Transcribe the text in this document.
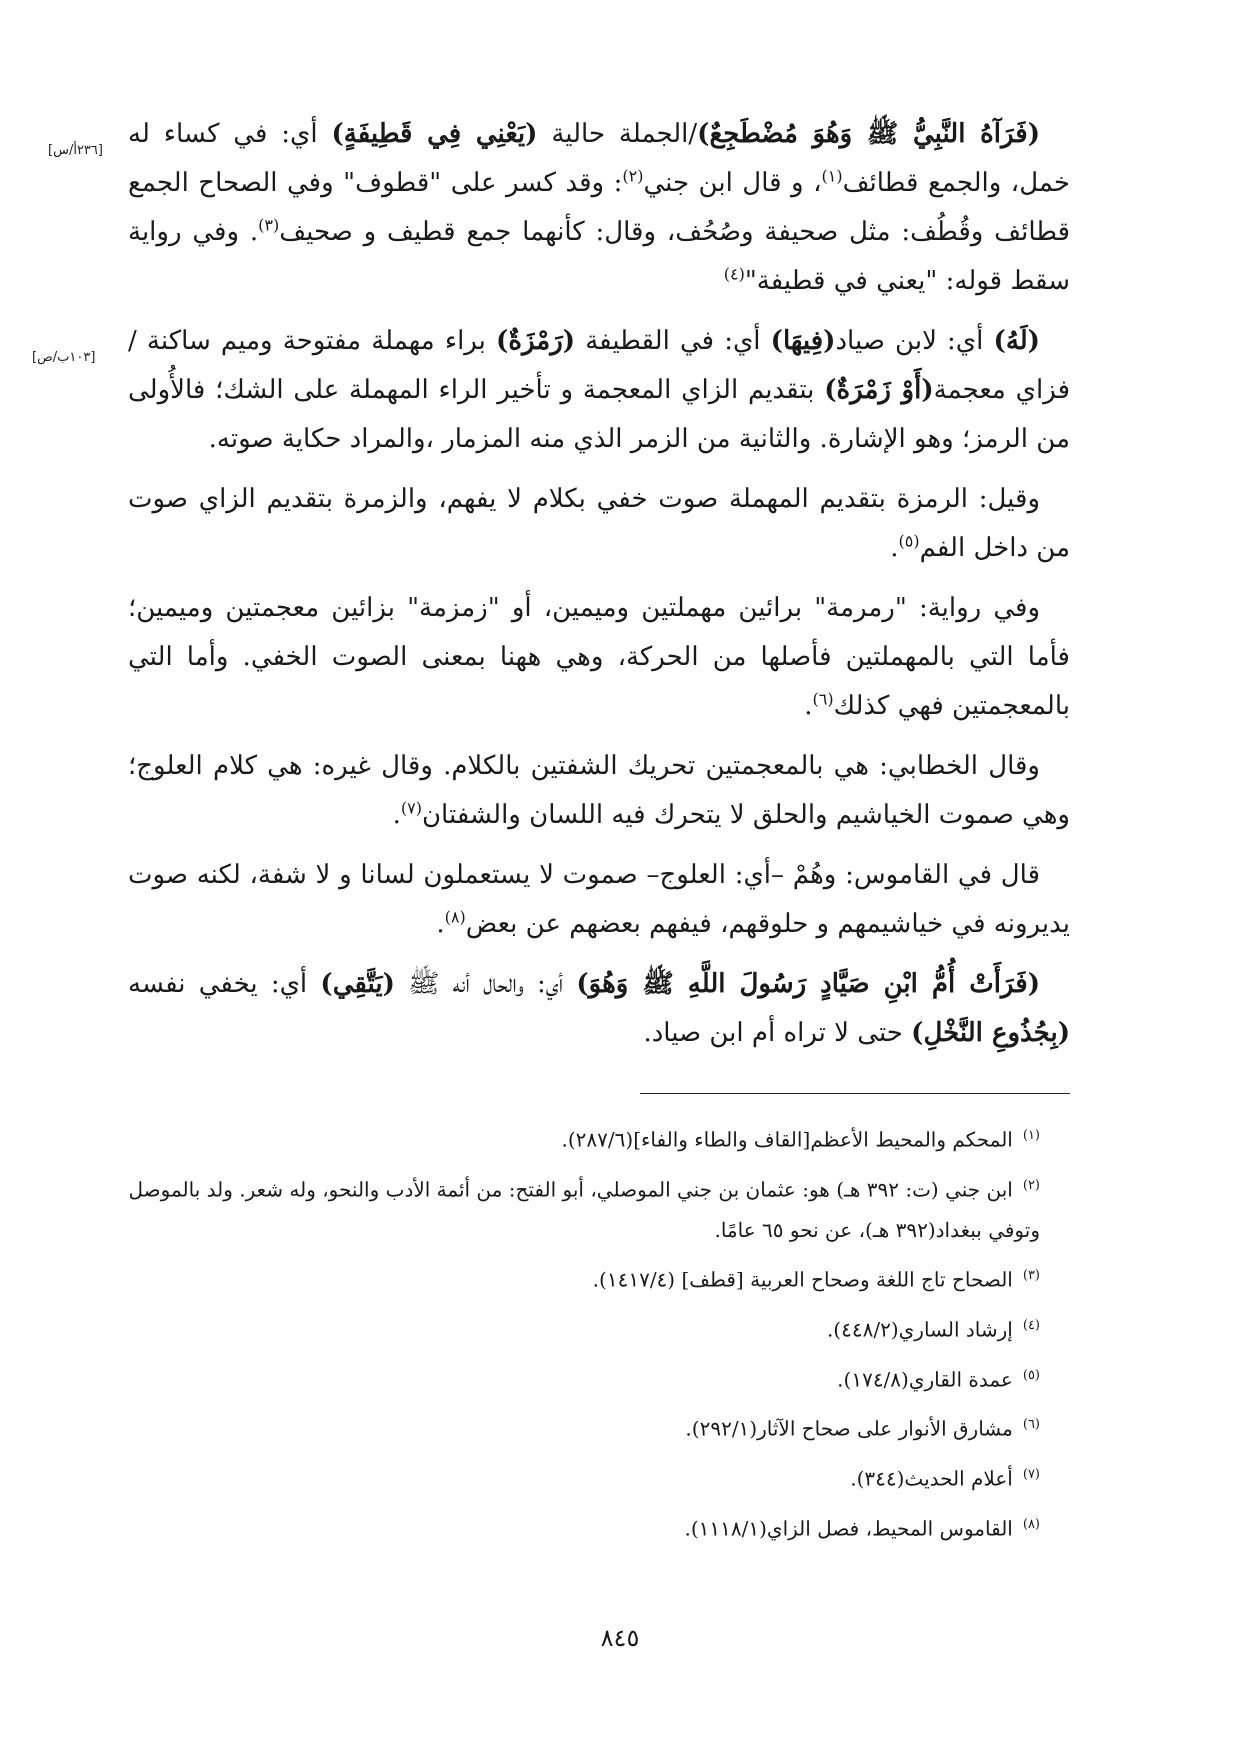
[٢٣٦أ/س]
[١٠٣ب/ص]

(فَرَآهُ النَّبِيُّ ﷺ وَهُوَ مُضْطَجِعٌ)/الجملة حالية (يَعْنِي فِي قَطِيفَةٍ) أي: في كساء له خمل، والجمع قطائف$^{(١)}$، و قال ابن جني$^{(٢)}$: وقد كسر على "قطوف" وفي الصحاح الجمع قطائف وقُطُف: مثل صحيفة وصُحُف، وقال: كأنهما جمع قطيف و صحيف$^{(٣)}$. وفي رواية سقط قوله: "يعني في قطيفة"$^{(٤)}$

(لَهُ) أي: لابن صياد(فِيهَا) أي: في القطيفة (رَمْزَةٌ) براء مهملة مفتوحة وميم ساكنة / فزاي معجمة(أَوْ زَمْرَةٌ) بتقديم الزاي المعجمة و تأخير الراء المهملة على الشك؛ فالأُولى من الرمز؛ وهو الإشارة. والثانية من الزمر الذي منه المزمار ،والمراد حكاية صوته.

وقيل: الرمزة بتقديم المهملة صوت خفي بكلام لا يفهم، والزمرة بتقديم الزاي صوت من داخل الفم$^{(٥)}$.

وفي رواية: "رمرمة" برائين مهملتين وميمين، أو "زمزمة" بزائين معجمتين وميمين؛ فأما التي بالمهملتين فأصلها من الحركة، وهي ههنا بمعنى الصوت الخفي. وأما التي بالمعجمتين فهي كذلك$^{(٦)}$.

وقال الخطابي: هي بالمعجمتين تحريك الشفتين بالكلام. وقال غيره: هي كلام العلوج؛ وهي صموت الخياشيم والحلق لا يتحرك فيه اللسان والشفتان$^{(٧)}$.

قال في القاموس: وهُمْ –أي: العلوج– صموت لا يستعملون لسانا و لا شفة، لكنه صوت يديرونه في خياشيمهم و حلوقهم، فيفهم بعضهم عن بعض$^{(٨)}$.

(فَرَأَتْ أُمُّ ابْنِ صَيَّادٍ رَسُولَ اللَّهِ ﷺ وَهُوَ) أي: والحال أنه ﷺ (يَتَّقِي) أي: يخفي نفسه (بِجُذُوعِ النَّخْلِ) حتى لا تراه أم ابن صياد.

$^{(١)}$المحكم والمحيط الأعظم[القاف والطاء والفاء](٢٨٧/٦).
$^{(٢)}$ابن جني (ت: ٣٩٢ هـ) هو: عثمان بن جني الموصلي، أبو الفتح: من أئمة الأدب والنحو، وله شعر. ولد بالموصل وتوفي ببغداد(٣٩٢ هـ)، عن نحو ٦٥ عامًا.
$^{(٣)}$الصحاح تاج اللغة وصحاح العربية [قطف] (١٤١٧/٤).
$^{(٤)}$إرشاد الساري(٤٤٨/٢).
$^{(٥)}$عمدة القاري(١٧٤/٨).
$^{(٦)}$مشارق الأنوار على صحاح الآثار(٢٩٢/١).
$^{(٧)}$أعلام الحديث(٣٤٤).
$^{(٨)}$القاموس المحيط، فصل الزاي(١١١٨/١).
٨٤٥
